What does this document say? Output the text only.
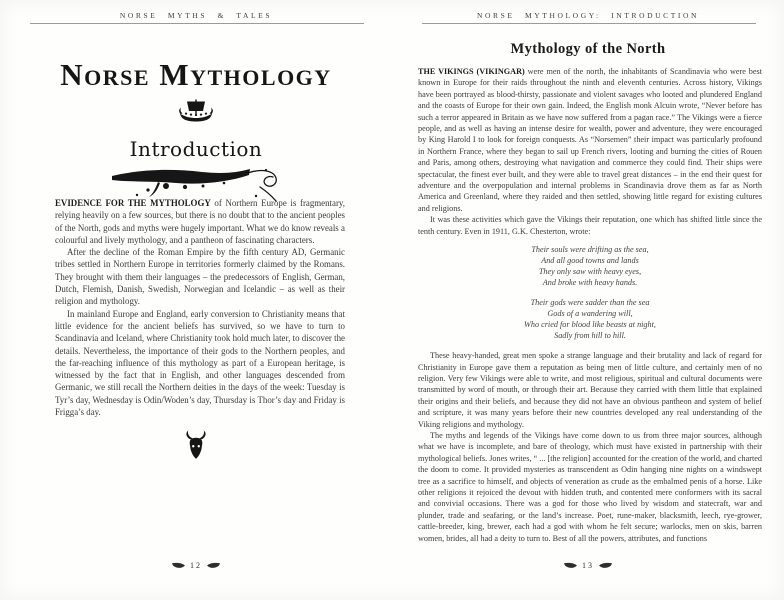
NORSE MYTHS & TALES
Norse Mythology
Introduction

EVIDENCE FOR THE MYTHOLOGY of Northern Europe is fragmentary, relying heavily on a few sources, but there is no doubt that to the ancient peoples of the North, gods and myths were hugely important. What we do know reveals a colourful and lively mythology, and a pantheon of fascinating characters.

After the decline of the Roman Empire by the fifth century AD, Germanic tribes settled in Northern Europe in territories formerly claimed by the Romans. They brought with them their languages – the predecessors of English, German, Dutch, Flemish, Danish, Swedish, Norwegian and Icelandic – as well as their religion and mythology.

In mainland Europe and England, early conversion to Christianity means that little evidence for the ancient beliefs has survived, so we have to turn to Scandinavia and Iceland, where Christianity took hold much later, to discover the details. Nevertheless, the importance of their gods to the Northern peoples, and the far-reaching influence of this mythology as part of a European heritage, is witnessed by the fact that in English, and other languages descended from Germanic, we still recall the Northern deities in the days of the week: Tuesday is Tyr’s day, Wednesday is Odin/Woden’s day, Thursday is Thor’s day and Friday is Frigga’s day.

12
NORSE MYTHOLOGY: INTRODUCTION
Mythology of the North

THE VIKINGS (VIKINGAR) were men of the north, the inhabitants of Scandinavia who were best known in Europe for their raids throughout the ninth and eleventh centuries. Across history, Vikings have been portrayed as blood-thirsty, passionate and violent savages who looted and plundered England and the coasts of Europe for their own gain. Indeed, the English monk Alcuin wrote, “Never before has such a terror appeared in Britain as we have now suffered from a pagan race.” The Vikings were a fierce people, and as well as having an intense desire for wealth, power and adventure, they were encouraged by King Harold I to look for foreign conquests. As “Norsemen” their impact was particularly profound in Northern France, where they began to sail up French rivers, looting and burning the cities of Rouen and Paris, among others, destroying what navigation and commerce they could find. Their ships were spectacular, the finest ever built, and they were able to travel great distances – in the end their quest for adventure and the overpopulation and internal problems in Scandinavia drove them as far as North America and Greenland, where they raided and then settled, showing little regard for existing cultures and religions.

It was these activities which gave the Vikings their reputation, one which has shifted little since the tenth century. Even in 1911, G.K. Chesterton, wrote:

Their souls were drifting as the sea,
And all good towns and lands
They only saw with heavy eyes,
And broke with heavy hands.
Their gods were sadder than the sea
Gods of a wandering will,
Who cried for blood like beasts at night,
Sadly from hill to hill.

These heavy-handed, great men spoke a strange language and their brutality and lack of regard for Christianity in Europe gave them a reputation as being men of little culture, and certainly men of no religion. Very few Vikings were able to write, and most religious, spiritual and cultural documents were transmitted by word of mouth, or through their art. Because they carried with them little that explained their origins and their beliefs, and because they did not have an obvious pantheon and system of belief and scripture, it was many years before their new countries developed any real understanding of the Viking religions and mythology.

The myths and legends of the Vikings have come down to us from three major sources, although what we have is incomplete, and bare of theology, which must have existed in partnership with their mythological beliefs. Jones writes, “ ... [the religion] accounted for the creation of the world, and charted the doom to come. It provided mysteries as transcendent as Odin hanging nine nights on a windswept tree as a sacrifice to himself, and objects of veneration as crude as the embalmed penis of a horse. Like other religions it rejoiced the devout with hidden truth, and contented mere conformers with its sacral and convivial occasions. There was a god for those who lived by wisdom and statecraft, war and plunder, trade and seafaring, or the land’s increase. Poet, rune-maker, blacksmith, leech, rye-grower, cattle-breeder, king, brewer, each had a god with whom he felt secure; warlocks, men on skis, barren women, brides, all had a deity to turn to. Best of all the powers, attributes, and functions

13
